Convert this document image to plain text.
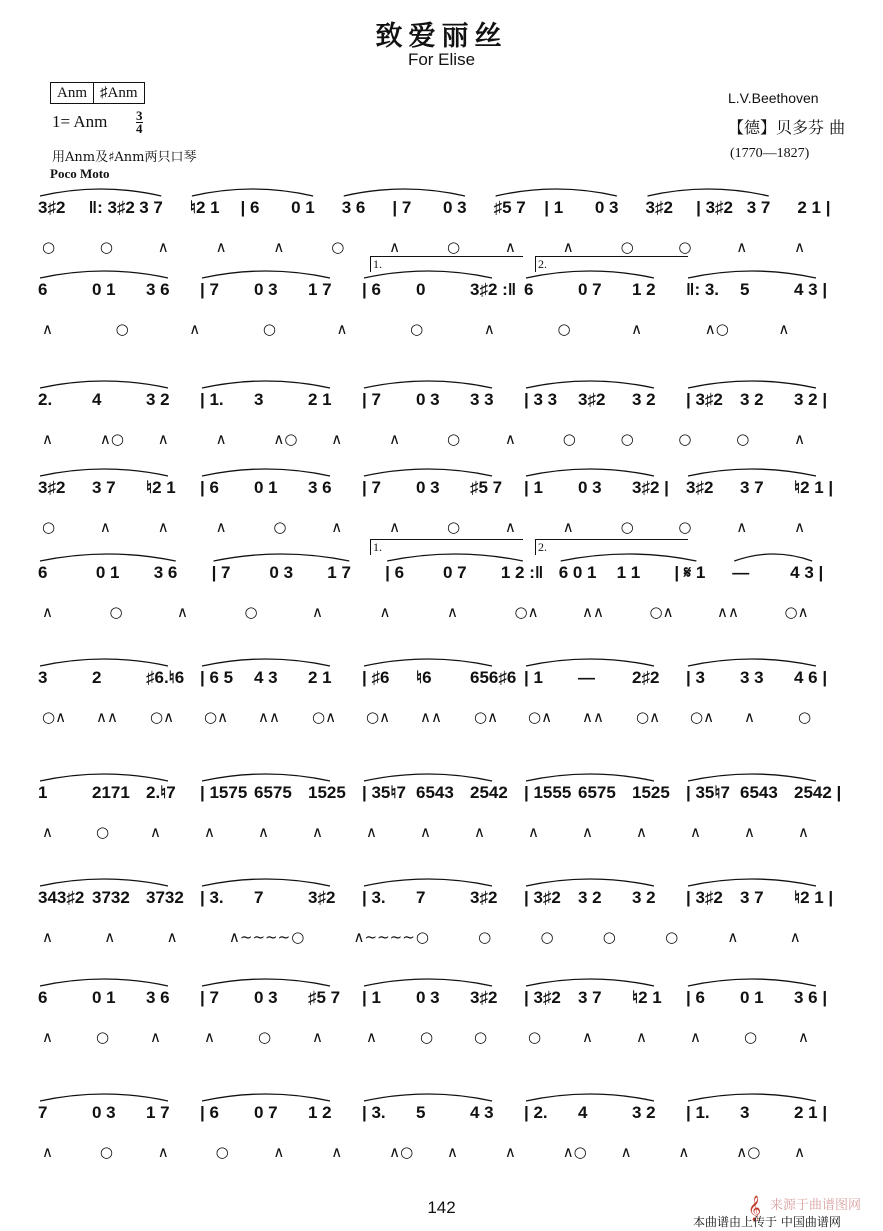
致爱丽丝
For Elise
Anm ♯Anm
1= Anm 3
4
用Anm及♯Anm两只口琴
Poco Moto
L.V.Beethoven
【德】贝多芬 曲
(1770—1827)
3♯2 ‖: 3♯2 3 7 ♮2 1 | 6 0 1 3 6 | 7 0 3 ♯5 7 | 1 0 3 3♯2 | 3♯2 3 7 2 1 |
○	○	∧	∧	∧	○	∧	○	∧	∧	○	○	∧	∧
1.	2.
6	0 1 3 6 | 7 0 3 1 7 | 6 0	3♯2 :‖ 6	0 7 1 2 ‖: 3. 5	4 3 |
∧	○	∧	○	∧	○	∧	○	∧	∧○	∧
2. 4	3 2 | 1. 3	2 1 | 7 0 3 3 3 | 3 3 3♯2 3 2 | 3♯2 3 2 3 2 |
∧	∧○ ∧	∧	∧○ ∧	∧	○	∧	○	○	○	○	∧
3♯2 3 7 ♮2 1 | 6 0 1 3 6 | 7 0 3 ♯5 7 | 1 0 3 3♯2 | 3♯2 3 7 ♮2 1 |
○	∧	∧	∧	○	∧	∧	○	∧	∧	○	○	∧	∧
1.	2.
6	0 1 3 6 | 7 0 3 1 7 | 6 0 7 1 2 :‖ 6 0 1 1 1 | 𝄋 1 — 4 3 |
∧	○	∧	○	∧	∧	∧	○∧	∧∧	○∧	∧∧	○∧
3	2	♯6.♮6 | 6 5 4 3 2 1 | ♯6 ♮6 656♯6 | 1 — 2♯2 | 3 3 3 4 6 |
○∧ ∧∧ ○∧ ○∧ ∧∧ ○∧ ○∧ ∧∧ ○∧ ○∧ ∧∧ ○∧ ○∧ ∧	○
1	2171 2.♮7 | 1575 6575 1525 | 35♮7 6543 2542 | 1555 6575 1525 | 35♮7 6543 2542 |
∧	○	∧	∧	∧	∧	∧	∧	∧	∧	∧	∧	∧	∧	∧
343♯2 3732 3732 | 3. 7	3♯2 | 3. 7	3♯2 | 3♯2 3 2 3 2 | 3♯2 3 7 ♮2 1 |
∧	∧	∧	∧~~~~ ○	∧~~~~ ○	○	○	○	○	∧	∧
6	0 1 3 6 | 7 0 3 ♯5 7 | 1 0 3 3♯2 | 3♯2 3 7 ♮2 1 | 6 0 1 3 6 |
∧	○	∧	∧	○	∧	∧	○	○	○	∧	∧	∧	○	∧
7	0 3 1 7 | 6 0 7 1 2 | 3. 5	4 3 | 2. 4	3 2 | 1. 3	2 1 |
∧	○	∧	○	∧	∧	∧○ ∧	∧	∧○ ∧	∧	∧○ ∧
142	𝄞 来源于曲谱图网
本曲谱由上传于 中国曲谱网
